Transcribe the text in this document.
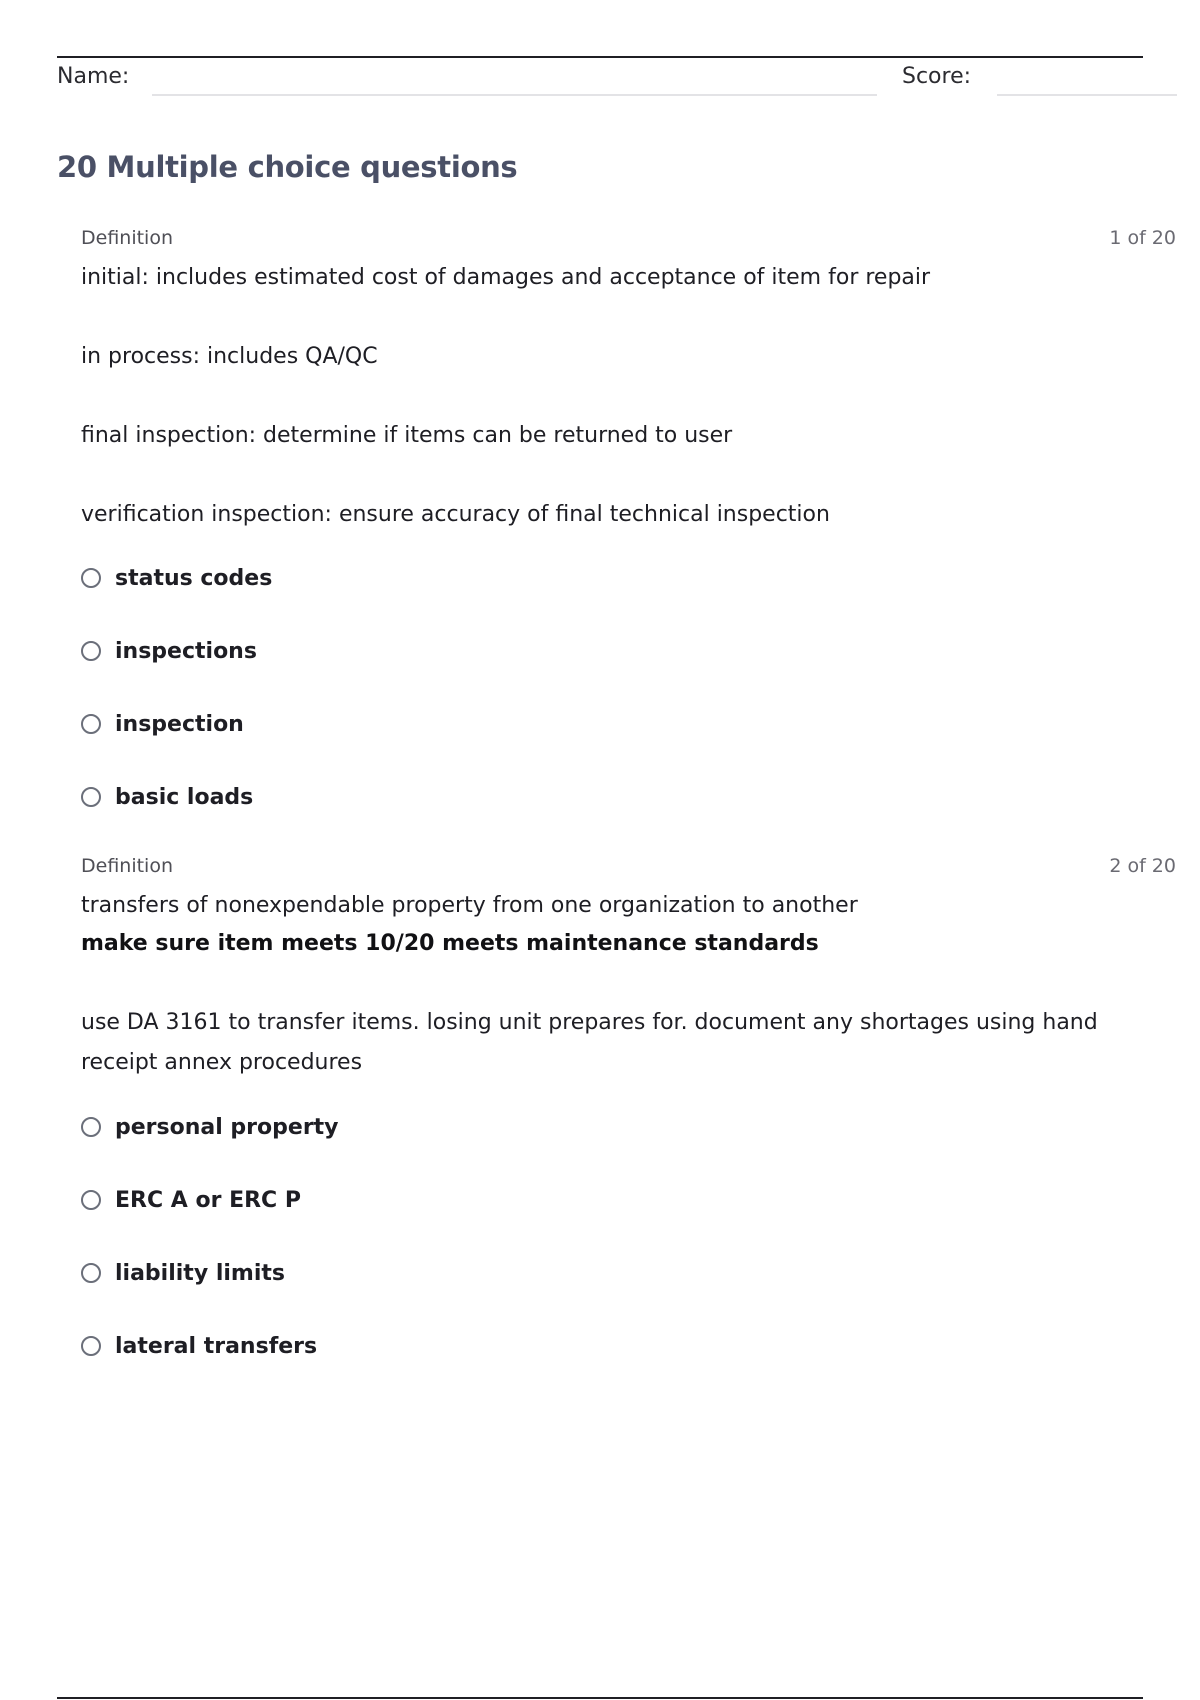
Name:	Score:
20 Multiple choice questions
Definition	1 of 20
initial: includes estimated cost of damages and acceptance of item for repair
in process: includes QA/QC
final inspection: determine if items can be returned to user
verification inspection: ensure accuracy of final technical inspection
status codes
inspections
inspection
basic loads
Definition	2 of 20
transfers of nonexpendable property from one organization to another
make sure item meets 10/20 meets maintenance standards
use DA 3161 to transfer items. losing unit prepares for. document any shortages using hand receipt annex procedures
personal property
ERC A or ERC P
liability limits
lateral transfers
